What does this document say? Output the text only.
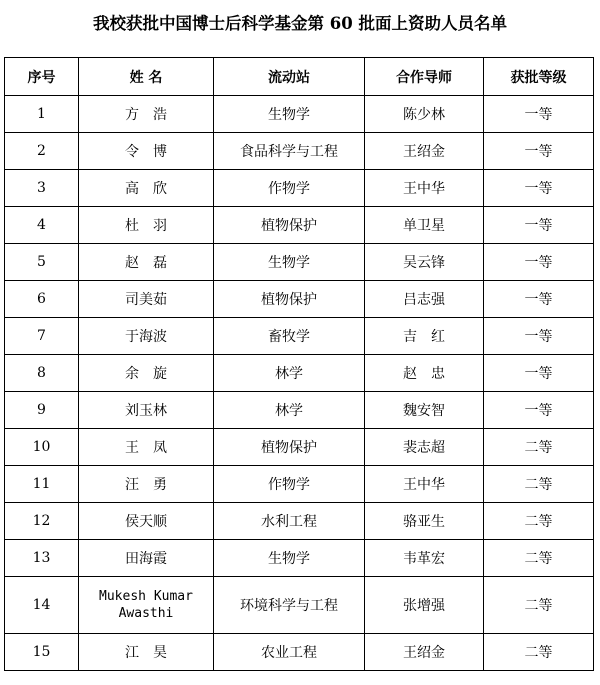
我校获批中国博士后科学基金第 60 批面上资助人员名单
序号	姓 名	流动站	合作导师	获批等级
1	方　浩	生物学	陈少林	一等
2	令　博	食品科学与工程	王绍金	一等
3	高　欣	作物学	王中华	一等
4	杜　羽	植物保护	单卫星	一等
5	赵　磊	生物学	吴云锋	一等
6	司美茹	植物保护	吕志强	一等
7	于海波	畜牧学	吉　红	一等
8	余　旋	林学	赵　忠	一等
9	刘玉林	林学	魏安智	一等
10	王　凤	植物保护	裴志超	二等
11	汪　勇	作物学	王中华	二等
12	侯天顺	水利工程	骆亚生	二等
13	田海霞	生物学	韦革宏	二等
14	Mukesh Kumar Awasthi	环境科学与工程	张增强	二等
15	江　昊	农业工程	王绍金	二等
